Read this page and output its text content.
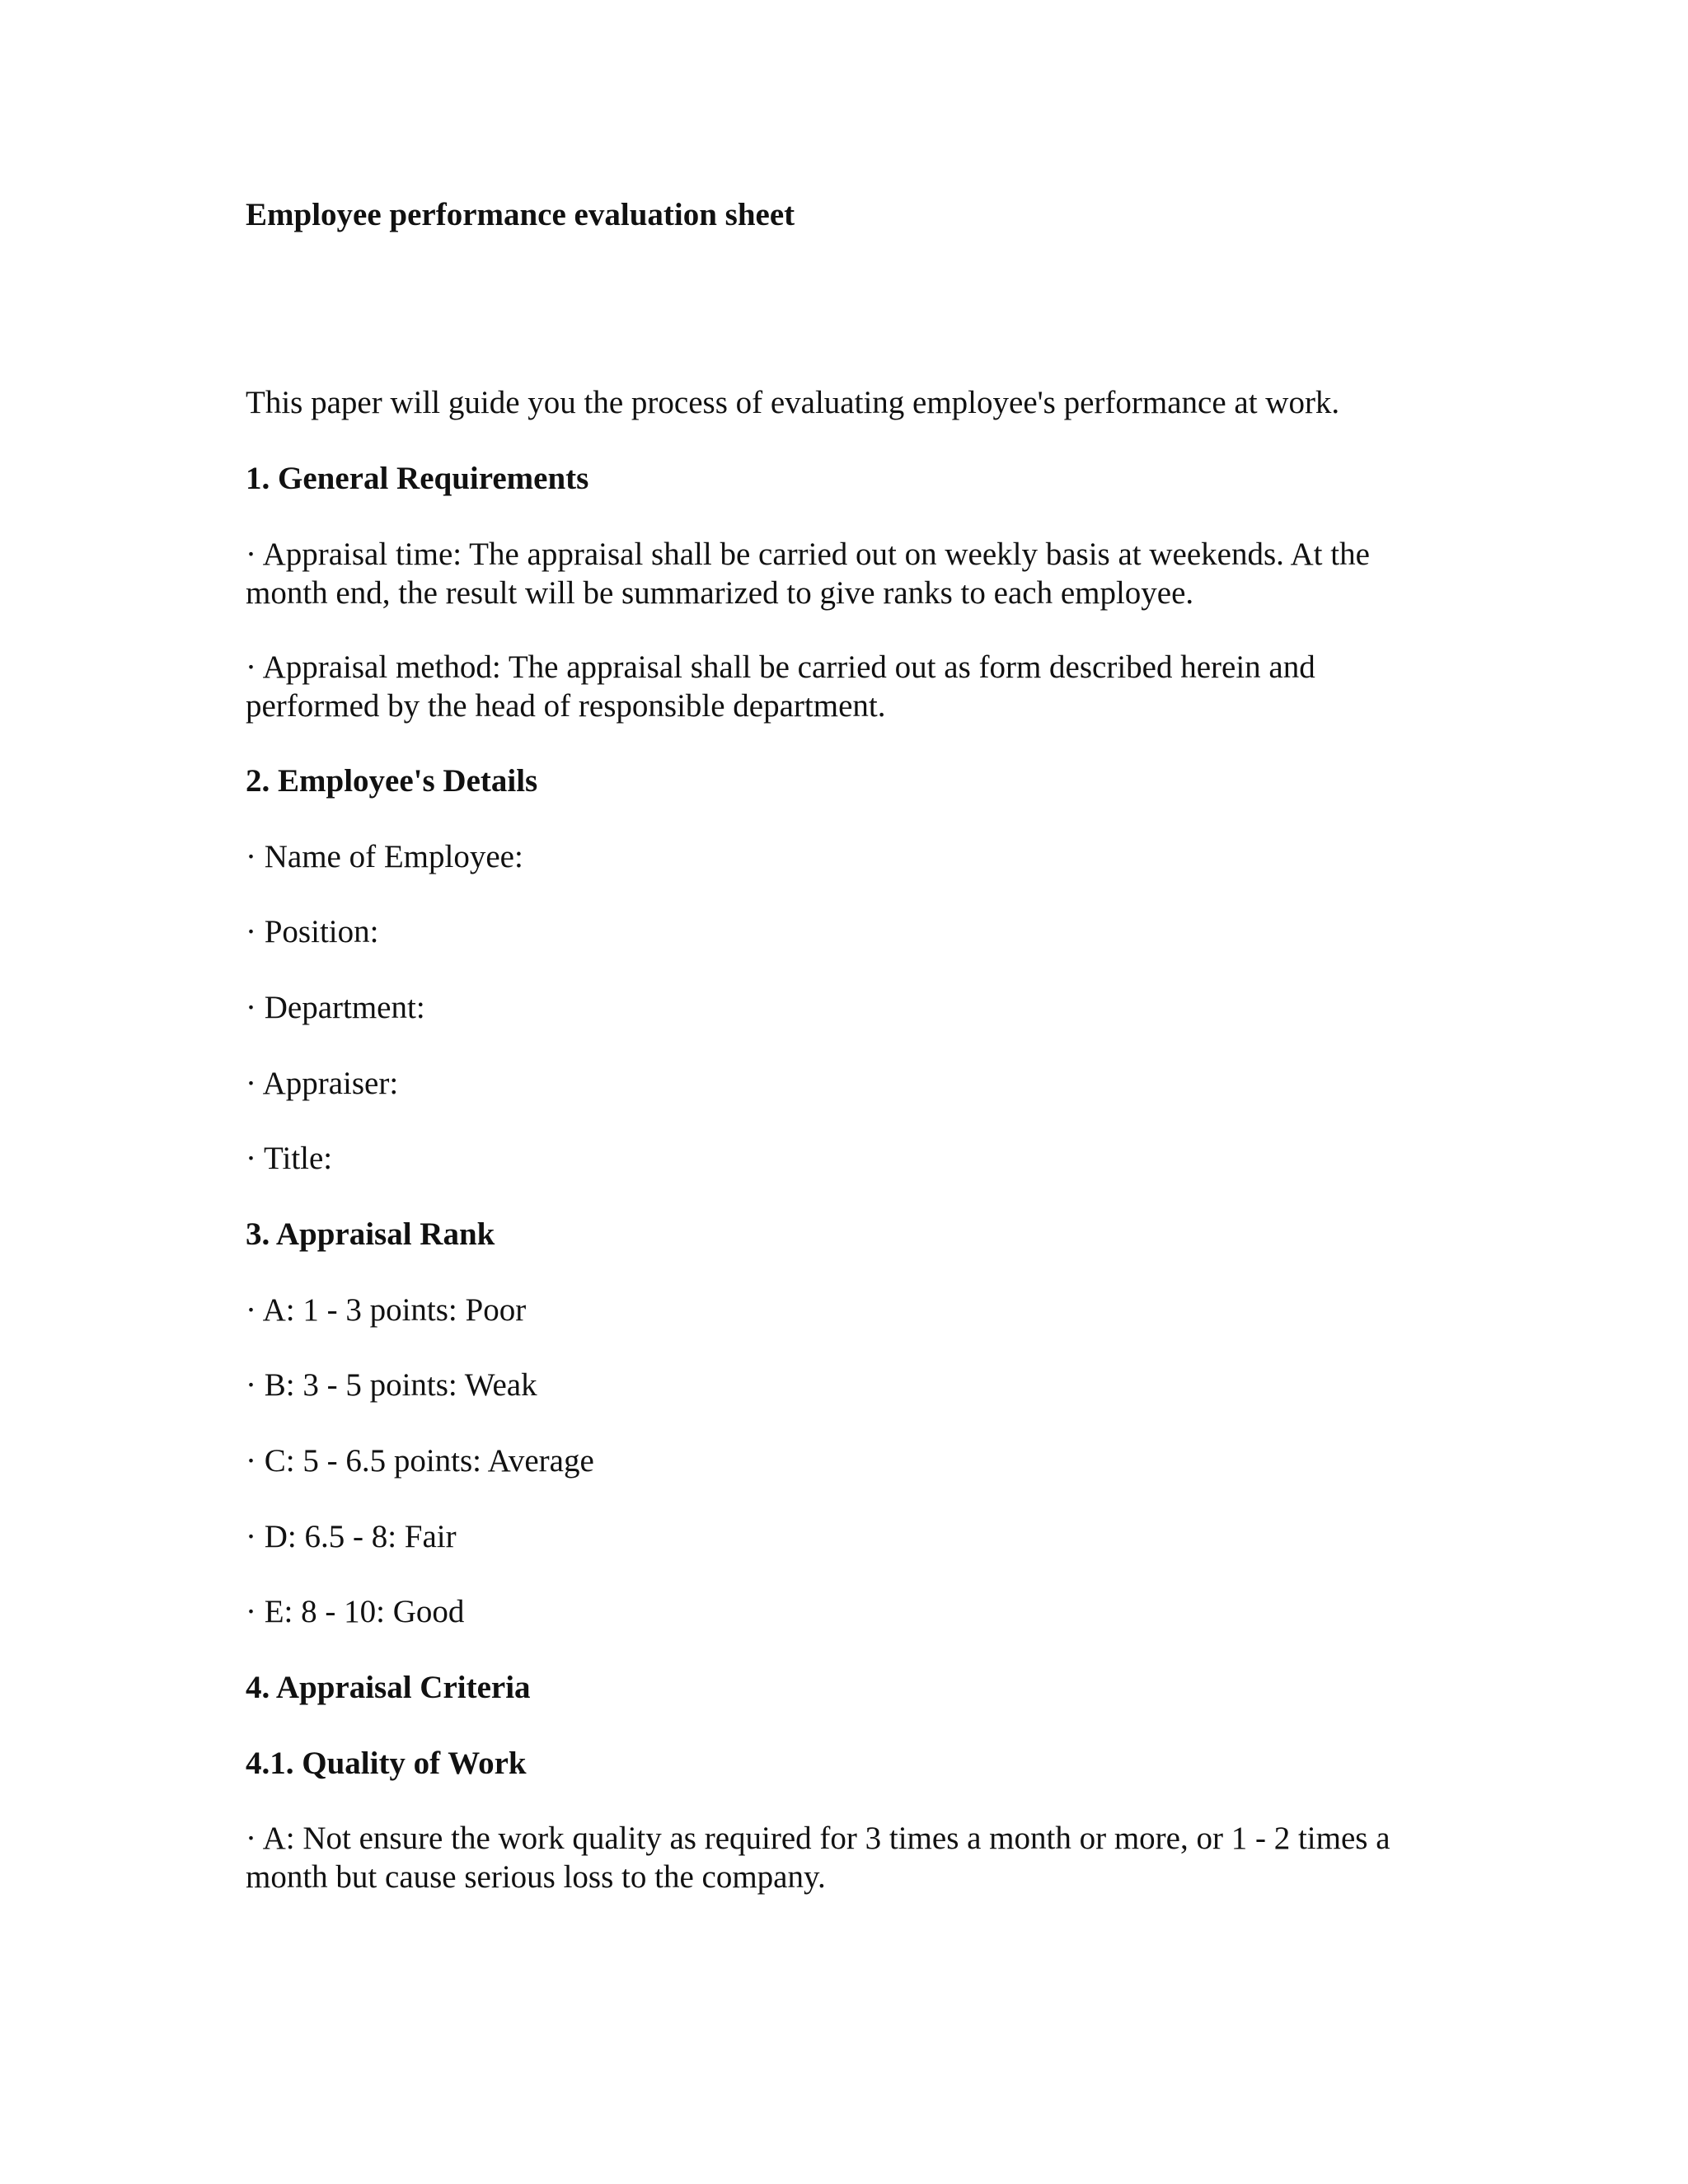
Employee performance evaluation sheet

This paper will guide you the process of evaluating employee's performance at work.

1. General Requirements

· Appraisal time: The appraisal shall be carried out on weekly basis at weekends. At the month end, the result will be summarized to give ranks to each employee.

· Appraisal method: The appraisal shall be carried out as form described herein and performed by the head of responsible department.

2. Employee's Details

· Name of Employee:

· Position:

· Department:

· Appraiser:

· Title:

3. Appraisal Rank

· A: 1 - 3 points: Poor

· B: 3 - 5 points: Weak

· C: 5 - 6.5 points: Average

· D: 6.5 - 8: Fair

· E: 8 - 10: Good

4. Appraisal Criteria

4.1. Quality of Work

· A: Not ensure the work quality as required for 3 times a month or more, or 1 - 2 times a month but cause serious loss to the company.
